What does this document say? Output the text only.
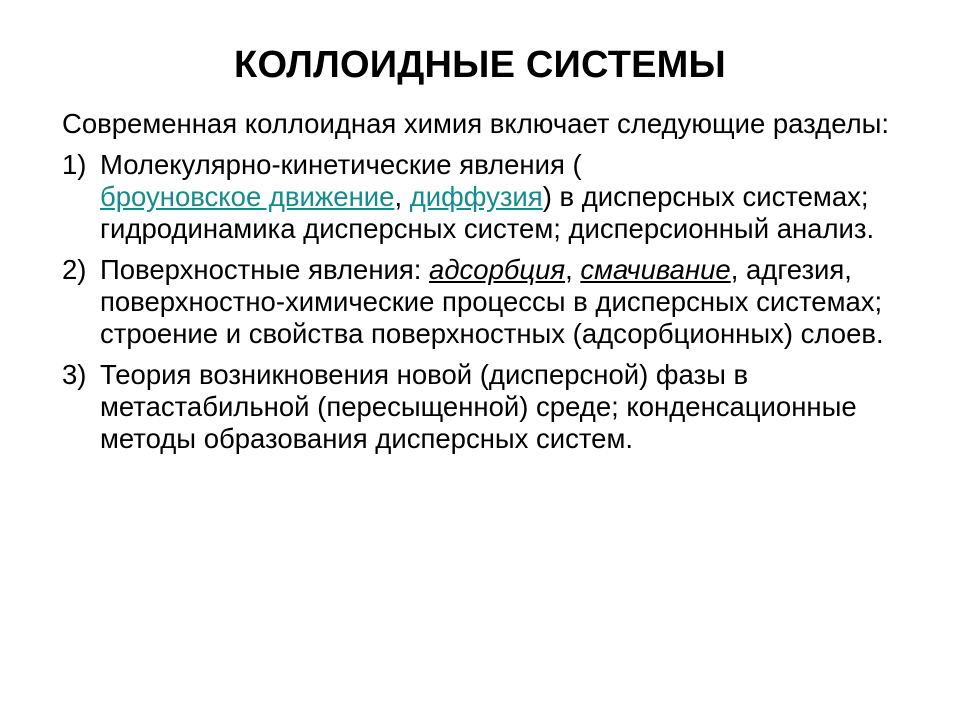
КОЛЛОИДНЫЕ СИСТЕМЫ

Современная коллоидная химия включает следующие разделы:

1) Молекулярно-кинетические явления (
броуновское движение, диффузия) в дисперсных системах; гидродинамика дисперсных систем; дисперсионный анализ.
2) Поверхностные явления: адсорбция, смачивание, адгезия, поверхностно-химические процессы в дисперсных системах; строение и свойства поверхностных (адсорбционных) слоев.
3) Теория возникновения новой (дисперсной) фазы в метастабильной (пересыщенной) среде; конденсационные методы образования дисперсных систем.
